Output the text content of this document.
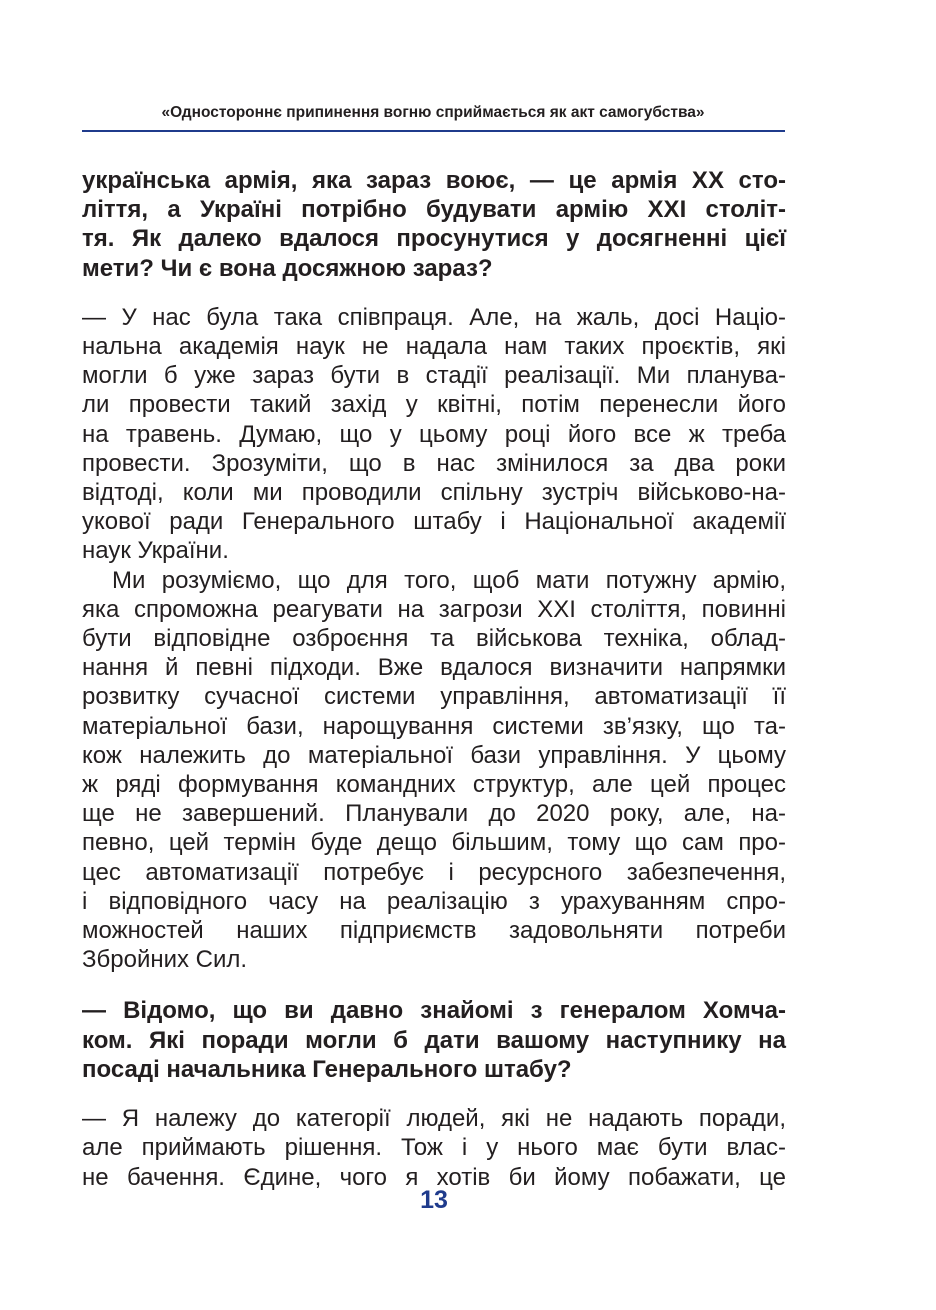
«Одностороннє припинення вогню сприймається як акт самогубства»

українська армія, яка зараз воює, — це армія XX сто-
ліття, а Україні потрібно будувати армію XXI століт-
тя. Як далеко вдалося просунутися у досягненні цієї
мети? Чи є вона досяжною зараз?

— У нас була така співпраця. Але, на жаль, досі Націо-
нальна академія наук не надала нам таких проєктів, які
могли б уже зараз бути в стадії реалізації. Ми планува-
ли провести такий захід у квітні, потім перенесли його
на травень. Думаю, що у цьому році його все ж треба
провести. Зрозуміти, що в нас змінилося за два роки
відтоді, коли ми проводили спільну зустріч військово-на-
укової ради Генерального штабу і Національної академії
наук України.

Ми розуміємо, що для того, щоб мати потужну армію,
яка спроможна реагувати на загрози XXI століття, повинні
бути відповідне озброєння та військова техніка, облад-
нання й певні підходи. Вже вдалося визначити напрямки
розвитку сучасної системи управління, автоматизації її
матеріальної бази, нарощування системи зв’язку, що та-
кож належить до матеріальної бази управління. У цьому
ж ряді формування командних структур, але цей процес
ще не завершений. Планували до 2020 року, але, на-
певно, цей термін буде дещо більшим, тому що сам про-
цес автоматизації потребує і ресурсного забезпечення,
і відповідного часу на реалізацію з урахуванням спро-
можностей наших підприємств задовольняти потреби
Збройних Сил.

— Відомо, що ви давно знайомі з генералом Хомча-
ком. Які поради могли б дати вашому наступнику на
посаді начальника Генерального штабу?

— Я належу до категорії людей, які не надають поради,
але приймають рішення. Тож і у нього має бути влас-
не бачення. Єдине, чого я хотів би йому побажати, це

13
